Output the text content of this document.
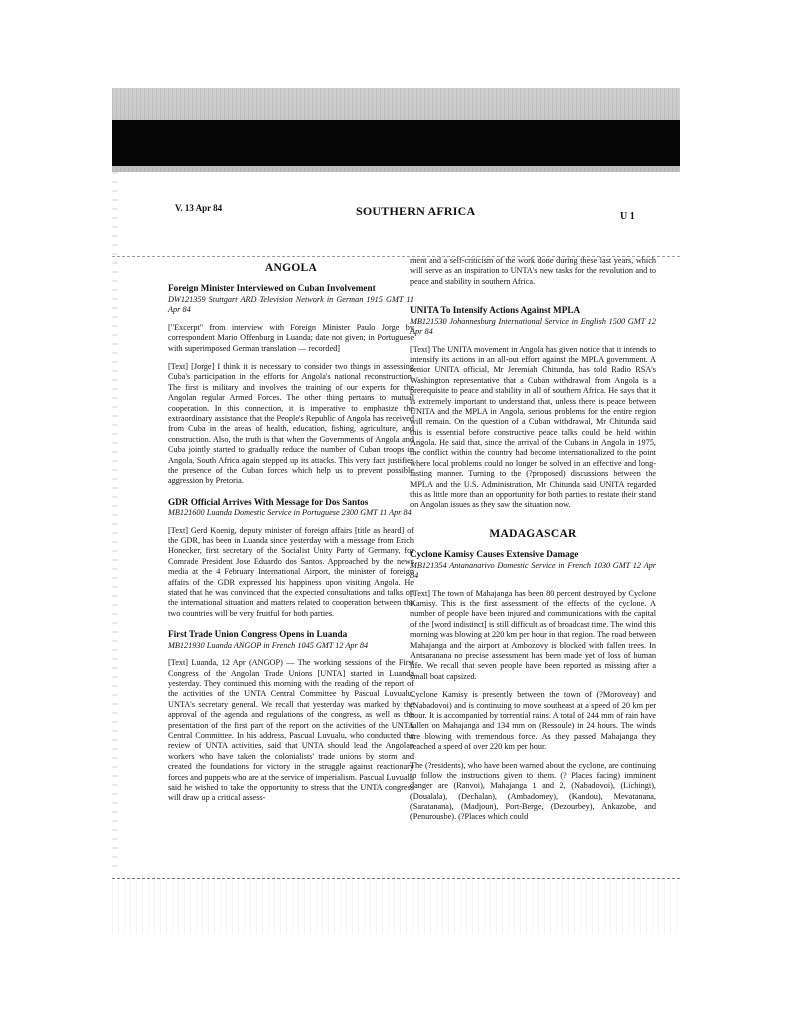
V. 13 Apr 84	SOUTHERN AFRICA	U 1
ANGOLA

Foreign Minister Interviewed on Cuban Involvement

DW121359 Stuttgart ARD Television Network in German 1915 GMT 11 Apr 84

["Excerpt" from interview with Foreign Minister Paulo Jorge by correspondent Mario Offenburg in Luanda; date not given; in Portuguese with superimposed German translation — recorded]

[Text] [Jorge] I think it is necessary to consider two things in assessing Cuba's participation in the efforts for Angola's national reconstruction. The first is military and involves the training of our experts for the Angolan regular Armed Forces. The other thing pertains to mutual cooperation. In this connection, it is imperative to emphasize the extraordinary assistance that the People's Republic of Angola has received from Cuba in the areas of health, education, fishing, agriculture, and construction. Also, the truth is that when the Governments of Angola and Cuba jointly started to gradually reduce the number of Cuban troops in Angola, South Africa again stepped up its attacks. This very fact justifies the presence of the Cuban forces which help us to prevent possible aggression by Pretoria.

GDR Official Arrives With Message for Dos Santos

MB121600 Luanda Domestic Service in Portuguese 2300 GMT 11 Apr 84

[Text] Gerd Koenig, deputy minister of foreign affairs [title as heard] of the GDR, has been in Luanda since yesterday with a message from Erich Honecker, first secretary of the Socialist Unity Party of Germany, for Comrade President Jose Eduardo dos Santos. Approached by the news media at the 4 February International Airport, the minister of foreign affairs of the GDR expressed his happiness upon visiting Angola. He stated that he was convinced that the expected consultations and talks on the international situation and matters related to cooperation between the two countries will be very fruitful for both parties.

First Trade Union Congress Opens in Luanda

MB121930 Luanda ANGOP in French 1045 GMT 12 Apr 84

[Text] Luanda, 12 Apr (ANGOP) — The working sessions of the First Congress of the Angolan Trade Unions [UNTA] started in Luanda yesterday. They continued this morning with the reading of the report of the activities of the UNTA Central Committee by Pascual Luvualu, UNTA's secretary general. We recall that yesterday was marked by the approval of the agenda and regulations of the congress, as well as the presentation of the first part of the report on the activities of the UNTA Central Committee. In his address, Pascual Luvualu, who conducted the review of UNTA activities, said that UNTA should lead the Angolan workers who have taken the colonialists' trade unions by storm and created the foundations for victory in the struggle against reactionary forces and puppets who are at the service of imperialism. Pascual Luvualu said he wished to take the opportunity to stress that the UNTA congress will draw up a critical assess-

ment and a self-criticism of the work done during these last years, which will serve as an inspiration to UNTA's new tasks for the revolution and to peace and stability in southern Africa.

UNITA To Intensify Actions Against MPLA

MB121530 Johannesburg International Service in English 1500 GMT 12 Apr 84

[Text] The UNITA movement in Angola has given notice that it intends to intensify its actions in an all-out effort against the MPLA government. A senior UNITA official, Mr Jeremiah Chitunda, has told Radio RSA's Washington representative that a Cuban withdrawal from Angola is a prerequisite to peace and stability in all of southern Africa. He says that it is extremely important to understand that, unless there is peace between UNITA and the MPLA in Angola, serious problems for the entire region will remain. On the question of a Cuban withdrawal, Mr Chitunda said this is essential before constructive peace talks could be held within Angola. He said that, since the arrival of the Cubans in Angola in 1975, the conflict within the country had become internationalized to the point where local problems could no longer be solved in an effective and long-lasting manner. Turning to the (?proposed) discussions between the MPLA and the U.S. Administration, Mr Chitunda said UNITA regarded this as little more than an opportunity for both parties to restate their stand on Angolan issues as they saw the situation now.

MADAGASCAR

Cyclone Kamisy Causes Extensive Damage

MB121354 Antananarivo Domestic Service in French 1030 GMT 12 Apr 84

[Text] The town of Mahajanga has been 80 percent destroyed by Cyclone Kamisy. This is the first assessment of the effects of the cyclone. A number of people have been injured and communications with the capital of the [word indistinct] is still difficult as of broadcast time. The wind this morning was blowing at 220 km per hour in that region. The road between Mahajanga and the airport at Ambozovy is blocked with fallen trees. In Antsaranana no precise assessment has been made yet of loss of human life. We recall that seven people have been reported as missing after a small boat capsized.

Cyclone Kamisy is presently between the town of (?Moroveay) and (Nabadovoi) and is continuing to move southeast at a speed of 20 km per hour. It is accompanied by torrential rains. A total of 244 mm of rain have fallen on Mahajanga and 134 mm on (Ressoule) in 24 hours. The winds are blowing with tremendous force. As they passed Mahajanga they reached a speed of over 220 km per hour.

The (?residents), who have been warned about the cyclone, are continuing to follow the instructions given to them. (? Places facing) imminent danger are (Ranvoi), Mahajanga 1 and 2, (Nabadovoi), (Lichingi), (Doualala), (Dechalan), (Ambadomey), (Kandou), Mevatanana, (Saratanana), (Madjoun), Port-Berge, (Dezourbey), Ankazobe, and (Penurousbe). (?Places which could
